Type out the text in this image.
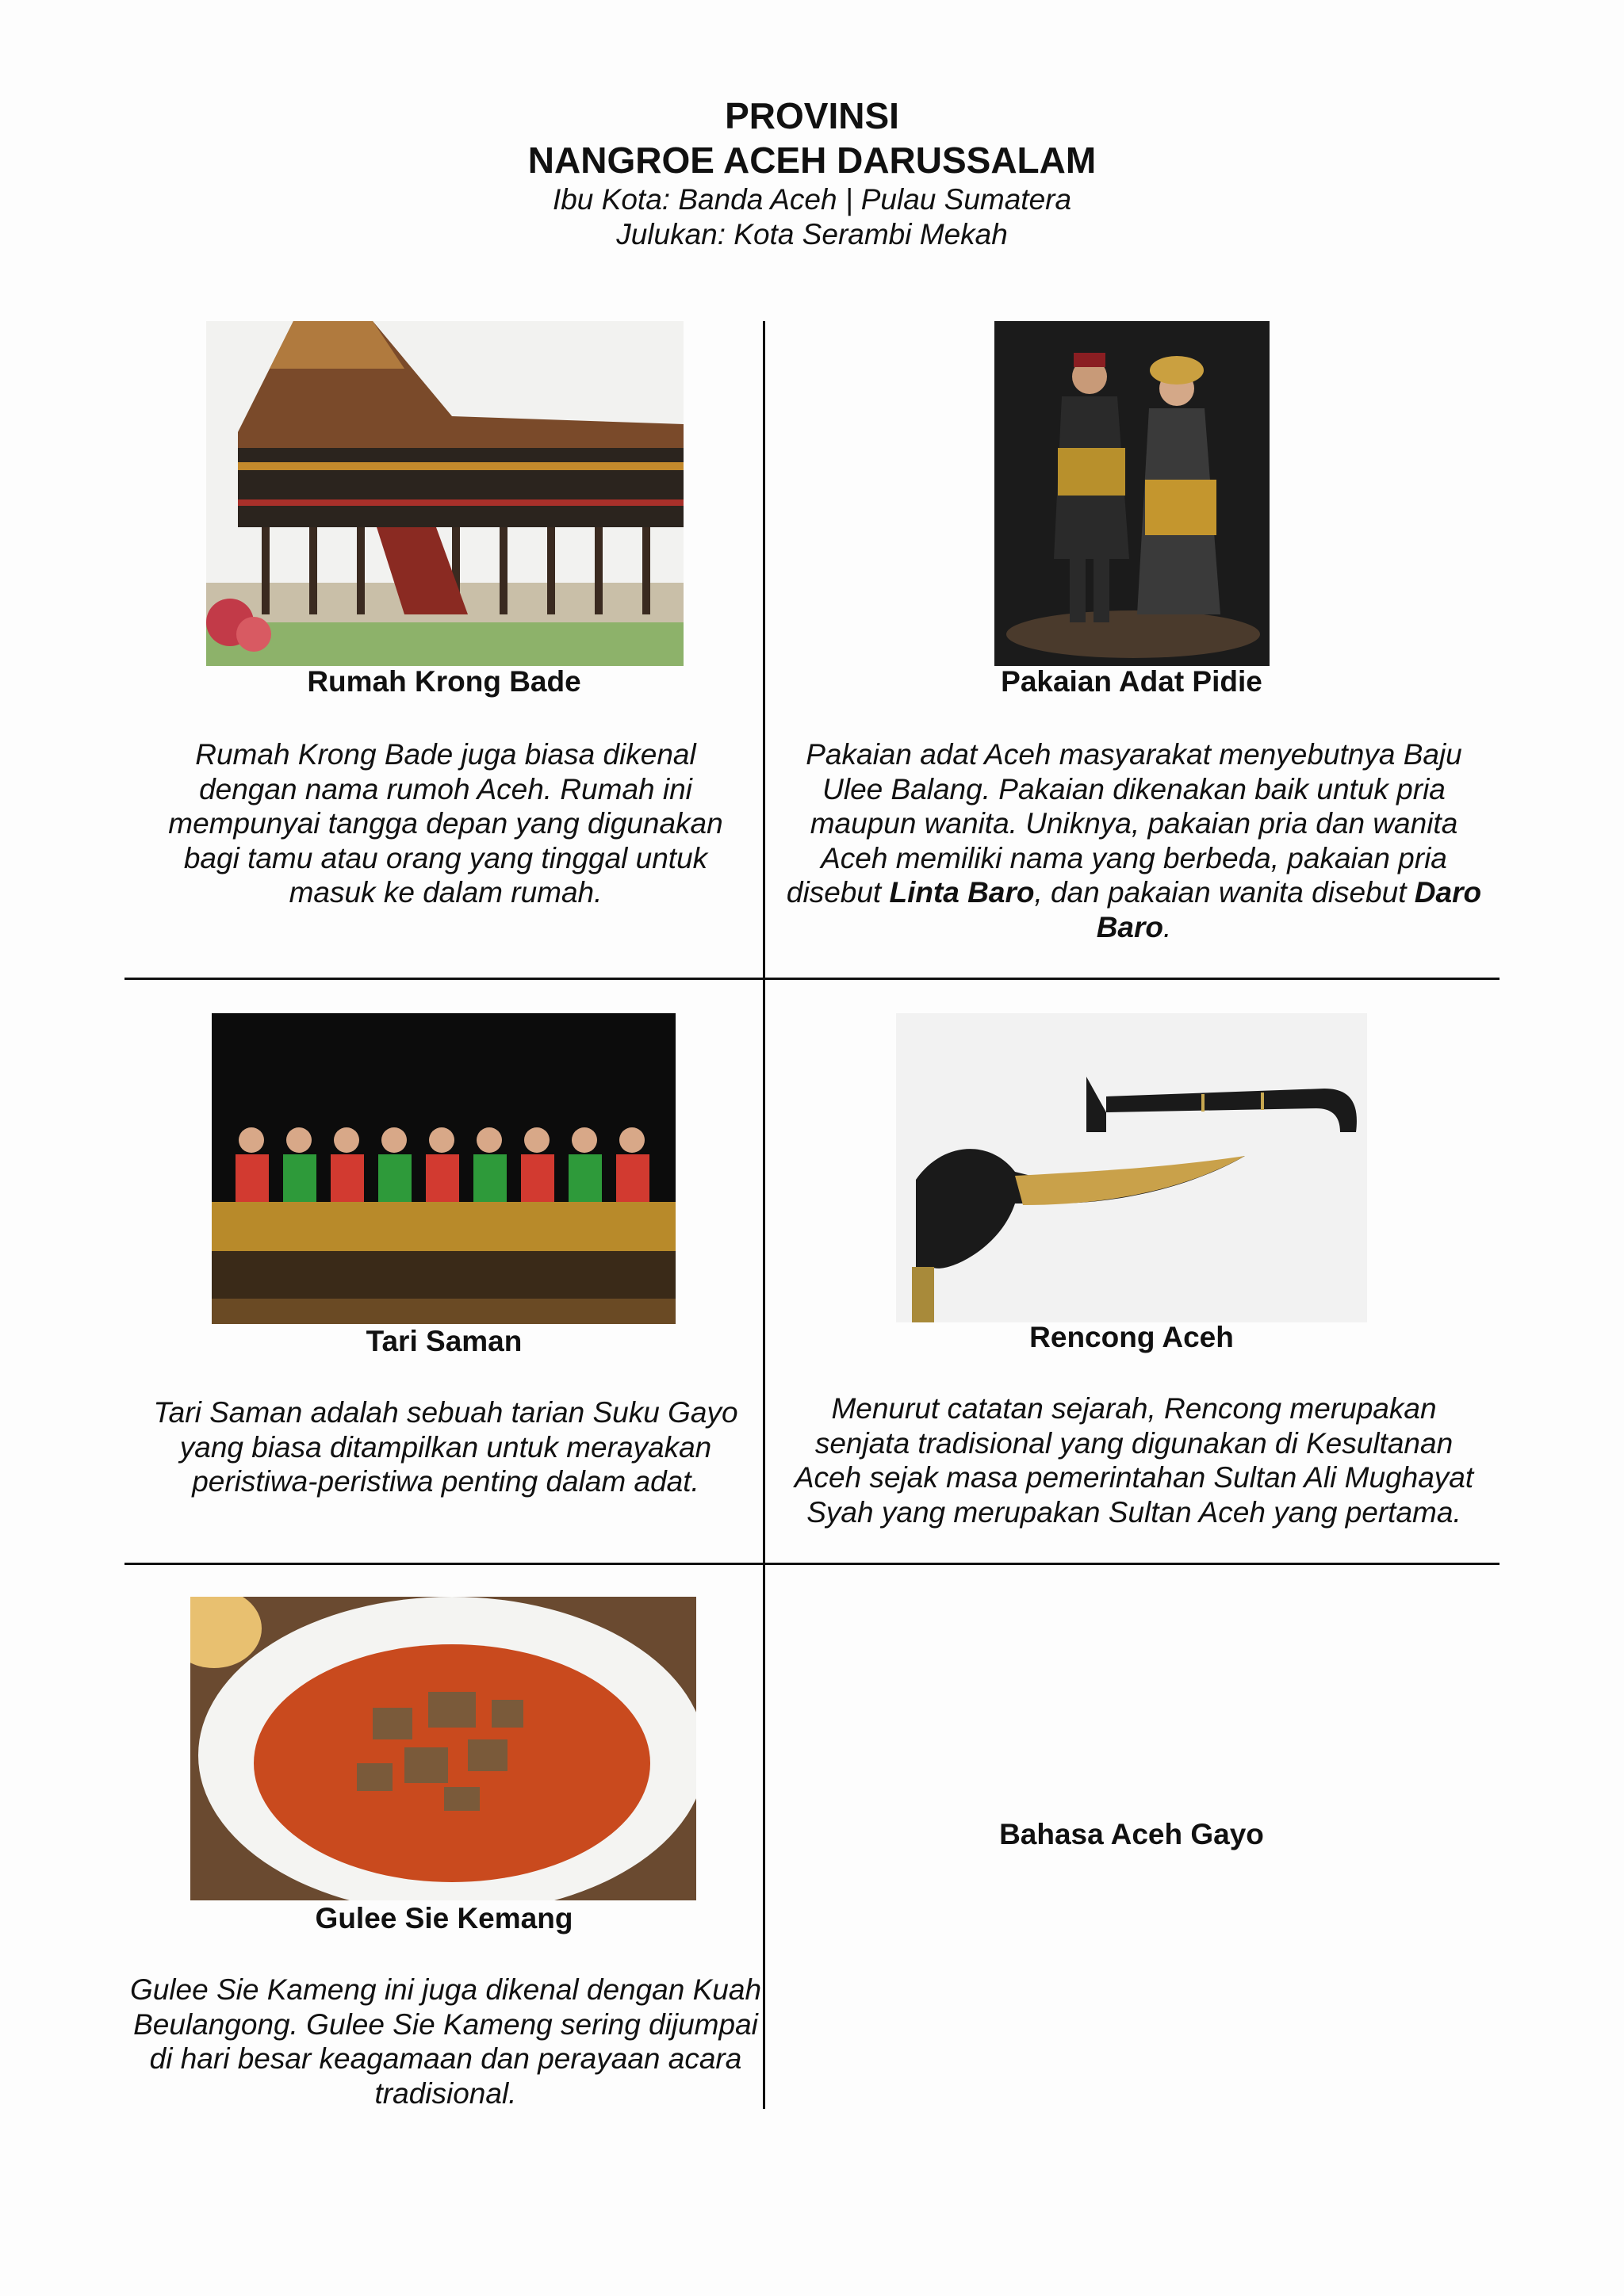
PROVINSI
NANGROE ACEH DARUSSALAM
Ibu Kota: Banda Aceh | Pulau Sumatera
Julukan: Kota Serambi Mekah
Rumah Krong Bade
Rumah Krong Bade juga biasa dikenal dengan nama rumoh Aceh. Rumah ini mempunyai tangga depan yang digunakan bagi tamu atau orang yang tinggal untuk masuk ke dalam rumah.
Pakaian Adat Pidie
Pakaian adat Aceh masyarakat menyebutnya Baju Ulee Balang. Pakaian dikenakan baik untuk pria maupun wanita. Uniknya, pakaian pria dan wanita Aceh memiliki nama yang berbeda, pakaian pria disebut Linta Baro, dan pakaian wanita disebut Daro Baro.
Tari Saman
Tari Saman adalah sebuah tarian Suku Gayo yang biasa ditampilkan untuk merayakan peristiwa-peristiwa penting dalam adat.
Rencong Aceh
Menurut catatan sejarah, Rencong merupakan senjata tradisional yang digunakan di Kesultanan Aceh sejak masa pemerintahan Sultan Ali Mughayat Syah yang merupakan Sultan Aceh yang pertama.
Gulee Sie Kemang
Gulee Sie Kameng ini juga dikenal dengan Kuah Beulangong. Gulee Sie Kameng sering dijumpai di hari besar keagamaan dan perayaan acara tradisional.
Bahasa Aceh Gayo
